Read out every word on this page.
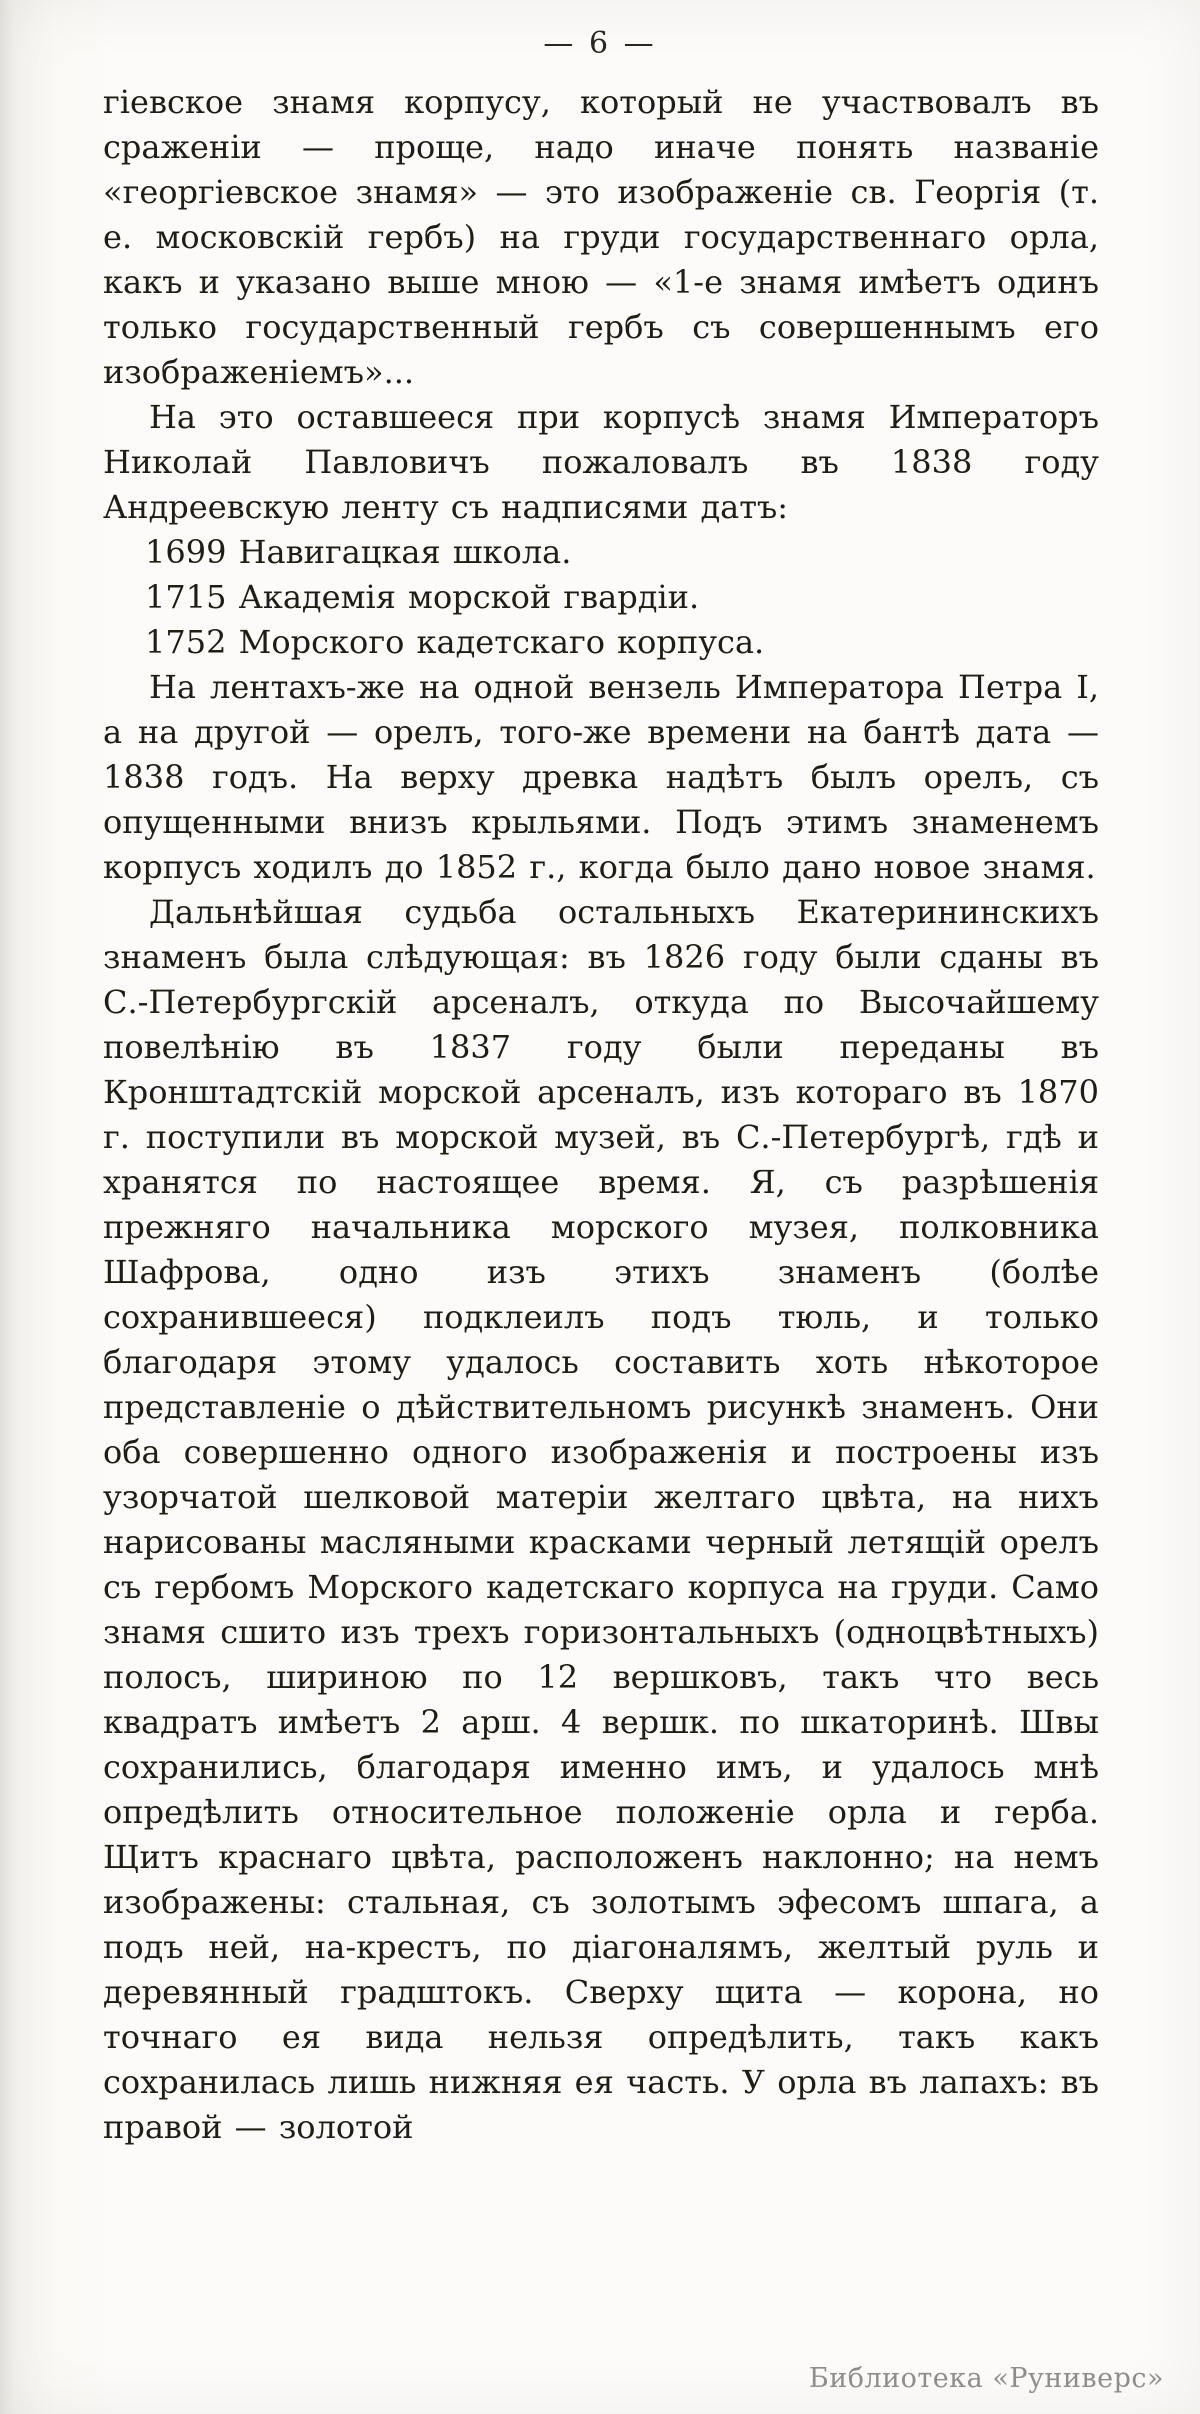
— 6 —

гіевское знамя корпусу, который не участвовалъ въ сраженіи — проще, надо иначе понять названіе «георгіевское знамя» — это изображеніе св. Георгія (т. е. московскій гербъ) на груди государственнаго орла, какъ и указано выше мною — «1-е знамя имѣетъ одинъ только государственный гербъ съ совершеннымъ его изображеніемъ»...

На это оставшееся при корпусѣ знамя Императоръ Николай Павловичъ пожаловалъ въ 1838 году Андреевскую ленту съ надписями датъ:

1699 Навигацкая школа.

1715 Академія морской гвардіи.

1752 Морского кадетскаго корпуса.

На лентахъ-же на одной вензель Императора Петра I, а на другой — орелъ, того-же времени на бантѣ дата — 1838 годъ. На верху древка надѣтъ былъ орелъ, съ опущенными внизъ крыльями. Подъ этимъ знаменемъ корпусъ ходилъ до 1852 г., когда было дано новое знамя.

Дальнѣйшая судьба остальныхъ Екатерининскихъ знаменъ была слѣдующая: въ 1826 году были сданы въ С.-Петербургскій арсеналъ, откуда по Высочайшему повелѣнію въ 1837 году были переданы въ Кронштадтскій морской арсеналъ, изъ котораго въ 1870 г. поступили въ морской музей, въ С.-Петербургѣ, гдѣ и хранятся по настоящее время. Я, съ разрѣшенія прежняго начальника морского музея, полковника Шафрова, одно изъ этихъ знаменъ (болѣе сохранившееся) подклеилъ подъ тюль, и только благодаря этому удалось составить хоть нѣкоторое представленіе о дѣйствительномъ рисункѣ знаменъ. Они оба совершенно одного изображенія и построены изъ узорчатой шелковой матеріи желтаго цвѣта, на нихъ нарисованы масляными красками черный летящій орелъ съ гербомъ Морского кадетскаго корпуса на груди. Само знамя сшито изъ трехъ горизонтальныхъ (одноцвѣтныхъ) полосъ, шириною по 12 вершковъ, такъ что весь квадратъ имѣетъ 2 арш. 4 вершк. по шкаторинѣ. Швы сохранились, благодаря именно имъ, и удалось мнѣ опредѣлить относительное положеніе орла и герба. Щитъ краснаго цвѣта, расположенъ наклонно; на немъ изображены: стальная, съ золотымъ эфесомъ шпага, а подъ ней, на-крестъ, по діагоналямъ, желтый руль и деревянный градштокъ. Сверху щита — корона, но точнаго ея вида нельзя опредѣлить, такъ какъ сохранилась лишь нижняя ея часть. У орла въ лапахъ: въ правой — золотой

Библиотека «Руниверс»
